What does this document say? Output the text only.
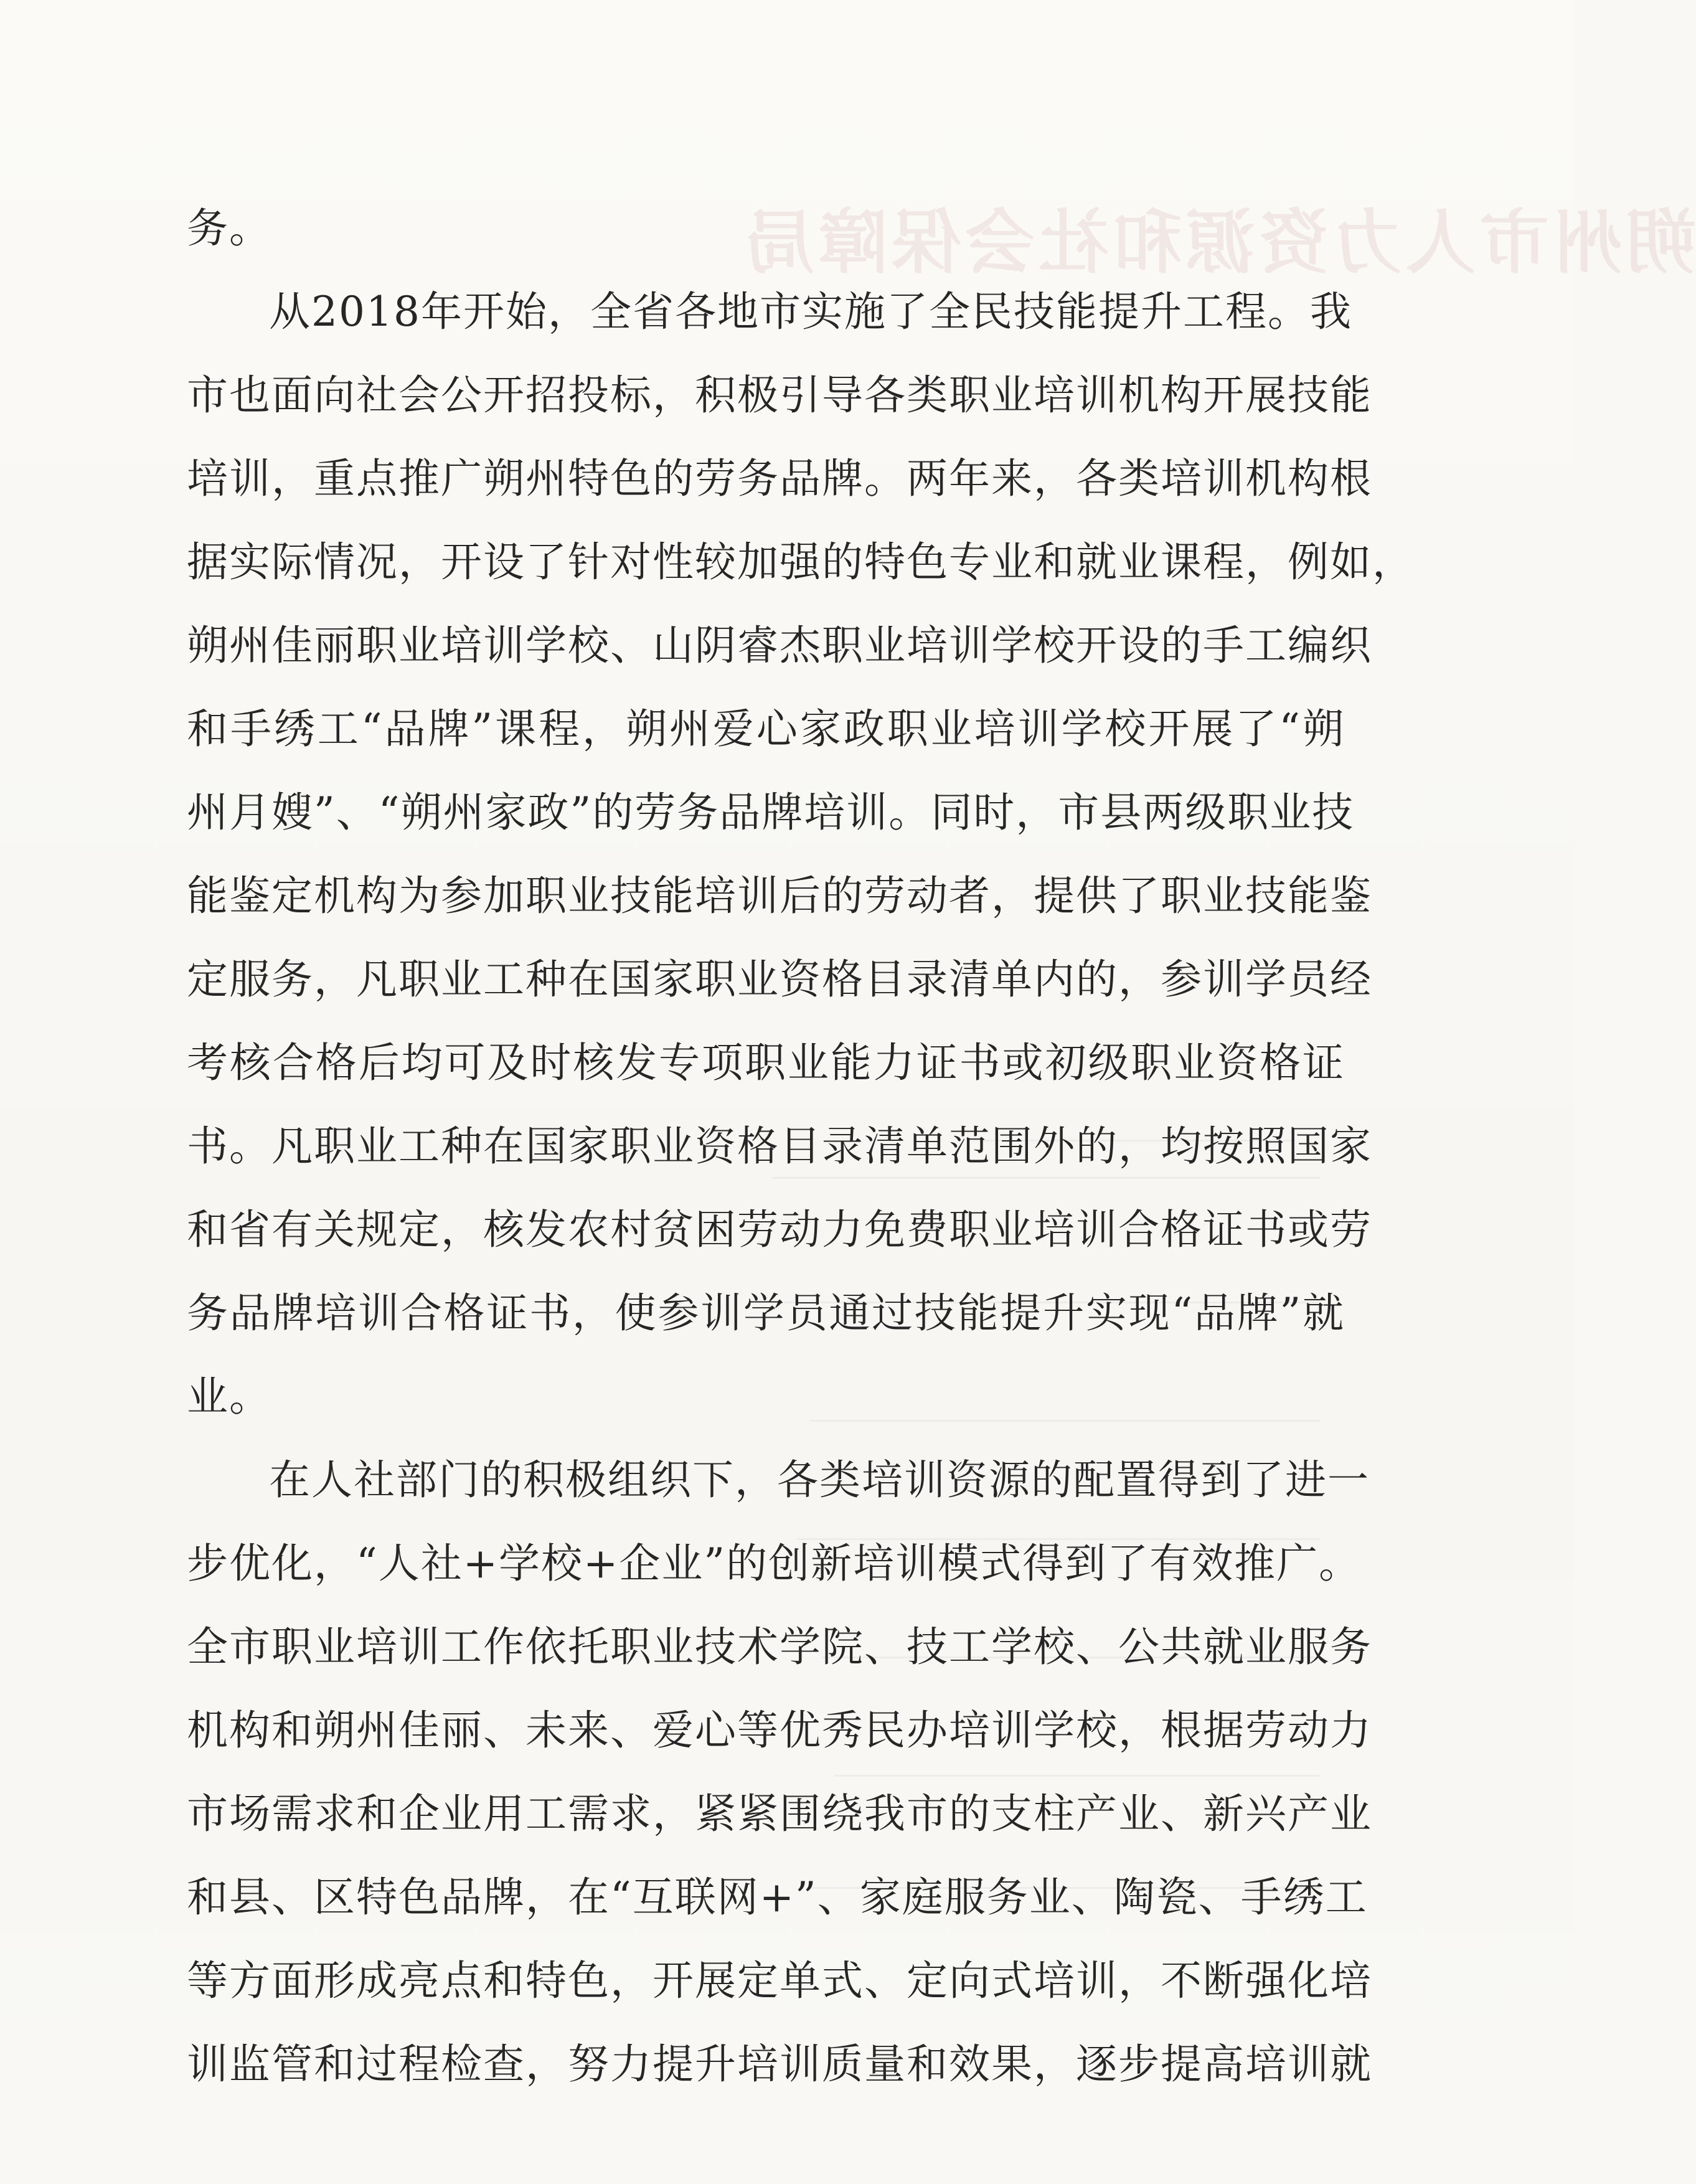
朔州市人力资源和社会保障局

务。

从2018年开始，全省各地市实施了全民技能提升工程。我
市也面向社会公开招投标，积极引导各类职业培训机构开展技能
培训，重点推广朔州特色的劳务品牌。两年来，各类培训机构根
据实际情况，开设了针对性较加强的特色专业和就业课程，例如，
朔州佳丽职业培训学校、山阴睿杰职业培训学校开设的手工编织
和手绣工“品牌”课程，朔州爱心家政职业培训学校开展了“朔
州月嫂”、“朔州家政”的劳务品牌培训。同时，市县两级职业技
能鉴定机构为参加职业技能培训后的劳动者，提供了职业技能鉴
定服务，凡职业工种在国家职业资格目录清单内的，参训学员经
考核合格后均可及时核发专项职业能力证书或初级职业资格证
书。凡职业工种在国家职业资格目录清单范围外的，均按照国家
和省有关规定，核发农村贫困劳动力免费职业培训合格证书或劳
务品牌培训合格证书，使参训学员通过技能提升实现“品牌”就
业。

在人社部门的积极组织下，各类培训资源的配置得到了进一
步优化，“人社+学校+企业”的创新培训模式得到了有效推广。
全市职业培训工作依托职业技术学院、技工学校、公共就业服务
机构和朔州佳丽、未来、爱心等优秀民办培训学校，根据劳动力
市场需求和企业用工需求，紧紧围绕我市的支柱产业、新兴产业
和县、区特色品牌，在“互联网+”、家庭服务业、陶瓷、手绣工
等方面形成亮点和特色，开展定单式、定向式培训，不断强化培
训监管和过程检查，努力提升培训质量和效果，逐步提高培训就
